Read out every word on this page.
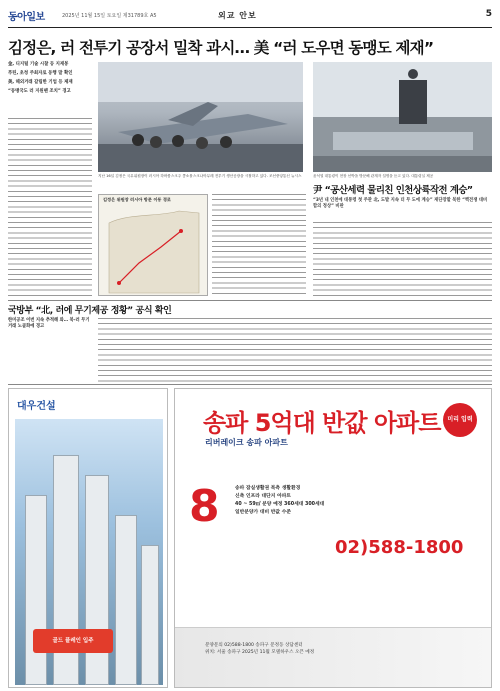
동아일보	2025년 11월 15일 토요일 제31789호 A5	외교 안보	5
김정은, 러 전투기 공장서 밀착 과시… 美 “러 도우면 동맹도 제재”

金, 디지털 기술 시찰 등 지재봉

푸틴, 초청 주최자로 동행 말 확인

美, 헤외거래 갈립한 기업 등 제재

“동맹국도 러 지원땐 조치” 경고

지난 16일 김정은 국무위원장이 러시아 하바롭스크주 콤소몰스크나아무레 전투기 생산공장을 시찰하고 있다. 조선중앙통신 뉴시스	윤석열 대통령이 현장 선박을 방문해 관계자 설명을 듣고 있다. 대통령실 제공
김정은 위원장 러시아 방문 이동 경로
尹 “공산세력 물리친 인천상륙작전 계승”
“3년 내 인천에 대통령 첫 주관 北, 도발 지속 더 무 도에 계승” 재단장할 북한 “핵전쟁 대비 합의 정상” 비판
국방부 “北, 러에 무기제공 정황” 공식 확인
한미공조 이번 지속 추적해 와… 북-러 무기거래 노골화에 경고
대우건설
골드 플레인 입주
송파 5억대 반값 아파트
리버레이크 송파 아파트
미리 입력
8	송파 잠실생활권 북측 생활환경
신축 인프라 대단지 아파트
40 ~ 59㎡ 분양 예정 360세대 300세대
일반분양가 대비 반값 수준
02)588-1800
분양문의 02)588-1800 송파구 문정동 상담센터
위치: 서울 송파구 2025년 11월 모델하우스 오픈 예정
